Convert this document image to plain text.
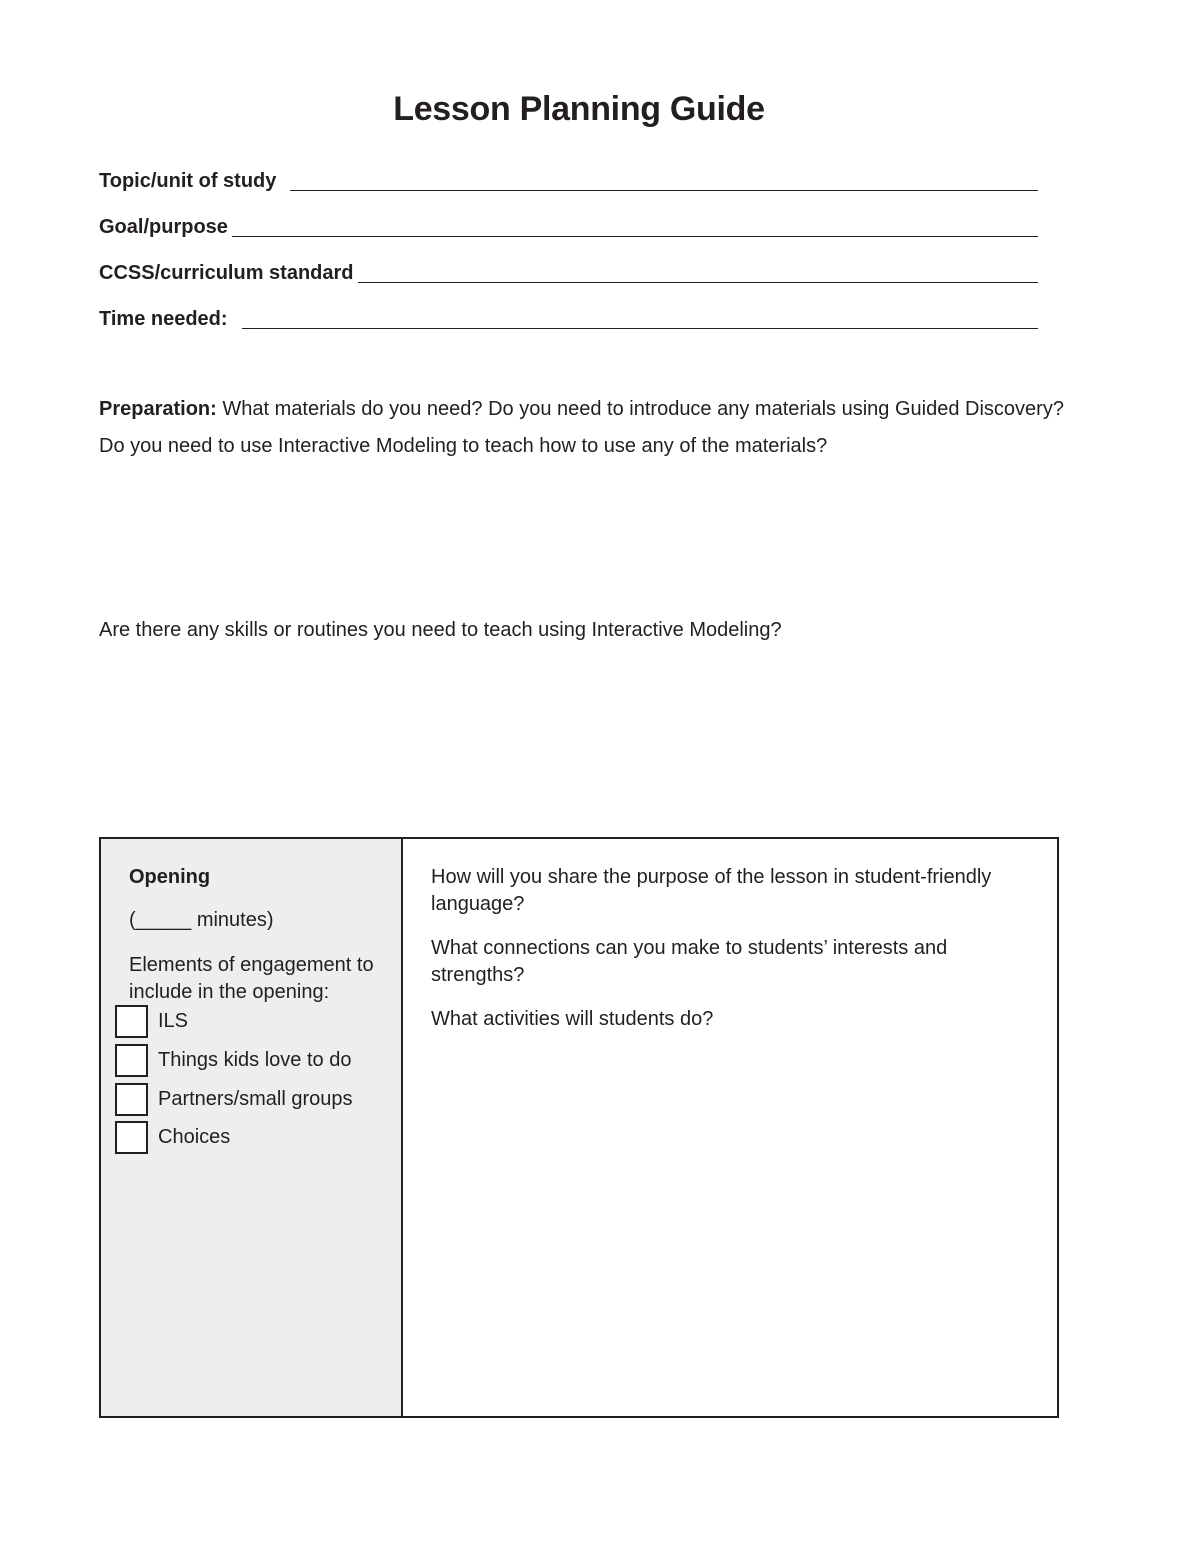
Lesson Planning Guide
Topic/unit of study
Goal/purpose
CCSS/curriculum standard
Time needed:
Preparation: What materials do you need? Do you need to introduce any materials using Guided Discovery? Do you need to use Interactive Modeling to teach how to use any of the materials?
Are there any skills or routines you need to teach using Interactive Modeling?
Opening
(_____ minutes)
Elements of engagement to include in the opening:
ILS
Things kids love to do
Partners/small groups
Choices
How will you share the purpose of the lesson in student-friendly language?
What connections can you make to students’ interests and strengths?
What activities will students do?
